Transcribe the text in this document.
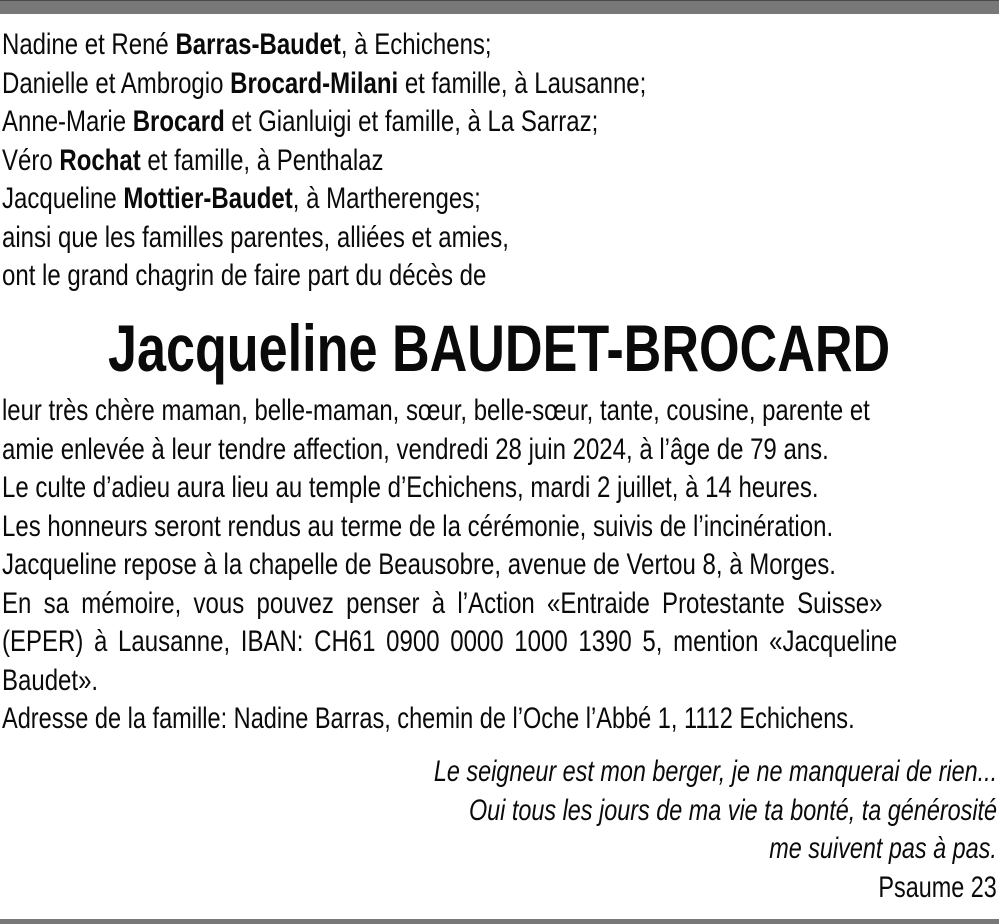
Nadine et René Barras-Baudet, à Echichens;
Danielle et Ambrogio Brocard-Milani et famille, à Lausanne;
Anne-Marie Brocard et Gianluigi et famille, à La Sarraz;
Véro Rochat et famille, à Penthalaz
Jacqueline Mottier-Baudet, à Martherenges;
ainsi que les familles parentes, alliées et amies,
ont le grand chagrin de faire part du décès de
Jacqueline BAUDET-BROCARD
leur très chère maman, belle-maman, sœur, belle-sœur, tante, cousine, parente et
amie enlevée à leur tendre affection, vendredi 28 juin 2024, à l’âge de 79 ans.
Le culte d’adieu aura lieu au temple d’Echichens, mardi 2 juillet, à 14 heures.
Les honneurs seront rendus au terme de la cérémonie, suivis de l’incinération.
Jacqueline repose à la chapelle de Beausobre, avenue de Vertou 8, à Morges.
En sa mémoire, vous pouvez penser à l’Action «Entraide Protestante Suisse»
(EPER) à Lausanne, IBAN: CH61 0900 0000 1000 1390 5, mention «Jacqueline
Baudet».
Adresse de la famille: Nadine Barras, chemin de l’Oche l’Abbé 1, 1112 Echichens.
Le seigneur est mon berger, je ne manquerai de rien...
Oui tous les jours de ma vie ta bonté, ta générosité
me suivent pas à pas.
Psaume 23
